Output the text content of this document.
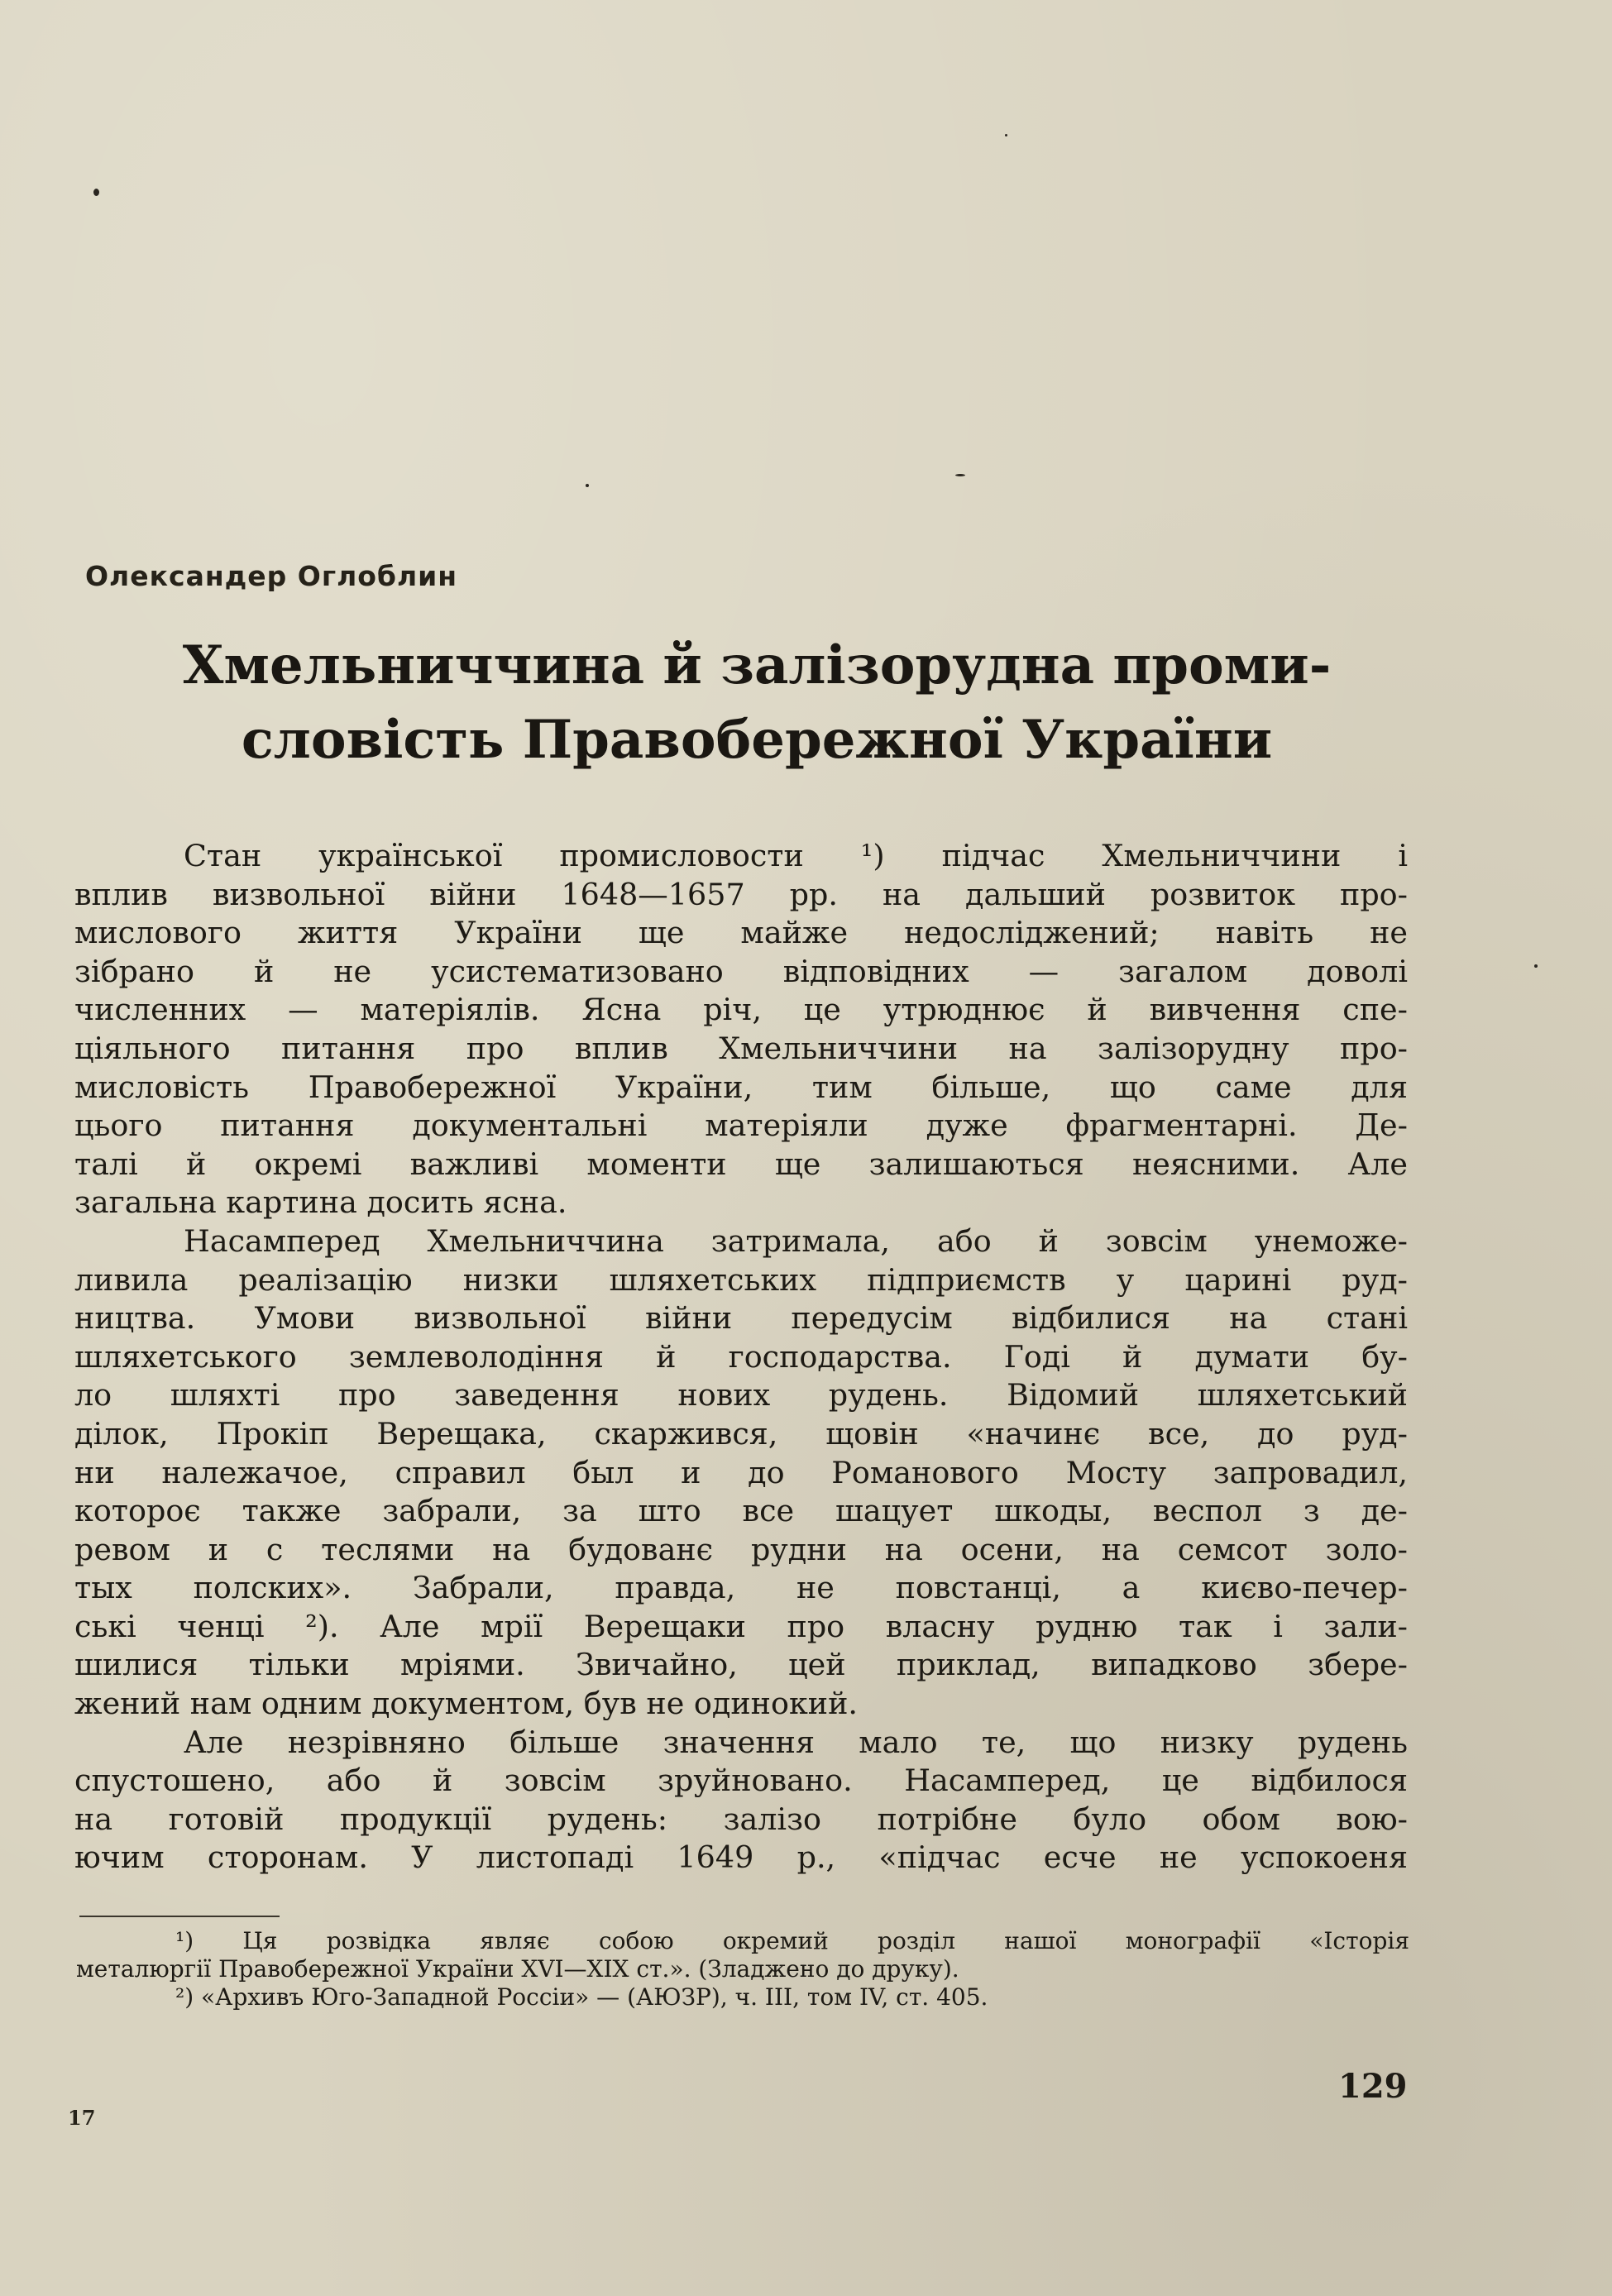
Олександер Оглоблин
Хмельниччина й залізорудна проми-
словість Правобережної України
Стан української промисловости ¹) підчас Хмельниччини і
вплив визвольної війни 1648—1657 рр. на дальший розвиток про-
мислового життя України ще майже недосліджений; навіть не
зібрано й не усистематизовано відповідних — загалом доволі
численних — матеріялів. Ясна річ, це утрюднює й вивчення спе-
ціяльного питання про вплив Хмельниччини на залізорудну про-
мисловість Правобережної України, тим більше, що саме для
цього питання документальні матеріяли дуже фрагментарні. Де-
талі й окремі важливі моменти ще залишаються неясними. Але
загальна картина досить ясна.
Насамперед Хмельниччина затримала, або й зовсім унеможе-
ливила реалізацію низки шляхетських підприємств у царині руд-
ництва. Умови визвольної війни передусім відбилися на стані
шляхетського землеволодіння й господарства. Годі й думати бу-
ло шляхті про заведення нових рудень. Відомий шляхетський
ділок, Прокіп Верещака, скаржився, щовін «начинє все, до руд-
ни належачое, справил был и до Романового Мосту запровадил,
котороє также забрали, за што все шацует шкоды, веспол з де-
ревом и с теслями на будованє рудни на осени, на семсот золо-
тых полских». Забрали, правда, не повстанці, а києво-печер-
ські ченці ²). Але мрії Верещаки про власну рудню так і зали-
шилися тільки мріями. Звичайно, цей приклад, випадково збере-
жений нам одним документом, був не одинокий.
Але незрівняно більше значення мало те, що низку рудень
спустошено, або й зовсім зруйновано. Насамперед, це відбилося
на готовій продукції рудень: залізо потрібне було обом вою-
ючим сторонам. У листопаді 1649 р., «підчас есче не успокоеня
¹) Ця розвідка являє собою окремий розділ нашої монографії «Історія
металюргії Правобережної України XVI—XIX ст.». (Зладжено до друку).
²) «Архивъ Юго-Западной Россіи» — (АЮЗР), ч. III, том IV, ст. 405.
17
129
